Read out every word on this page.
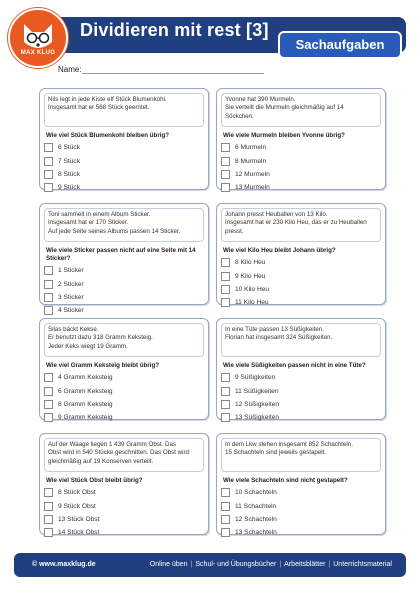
MAX KLUG
Dividieren mit rest [3]
Sachaufgaben
Name:
Nils legt in jede Kiste elf Stück Blumenkohl.
Insgesamt hat er 568 Stück geerntet.
Wie viel Stück Blumenkohl bleiben übrig?
6 Stück
7 Stück
8 Stück
9 Stück
Yvonne hat 390 Murmeln.
Sie verteilt die Murmeln gleichmäßig auf 14
Söckchen.
Wie viele Murmeln bleiben Yvonne übrig?
6 Murmeln
8 Murmeln
12 Murmeln
13 Murmeln
Toni sammelt in einem Album Sticker.
Insgesamt hat er 170 Sticker.
Auf jede Seite seines Albums passen 14 Sticker.
Wie viele Sticker passen nicht auf eine Seite mit 14 Sticker?
1 Sticker
2 Sticker
3 Sticker
4 Sticker
Johann presst Heuballen von 13 Kilo.
Insgesamt hat er 230 Kilo Heu, das er zu Heuballen
presst.
Wie viel Kilo Heu bleibt Johann übrig?
8 Kilo Heu
9 Kilo Heu
10 Kilo Heu
11 Kilo Heu
Silas bäckt Kekse.
Er benutzt dazu 318 Gramm Keksteig.
Jeder Keks wiegt 19 Gramm.
Wie viel Gramm Keksteig bleibt übrig?
4 Gramm Keksteig
6 Gramm Keksteig
8 Gramm Keksteig
9 Gramm Keksteig
In eine Tüte passen 13 Süßigkeiten.
Florian hat insgesamt 324 Süßigkeiten.
Wie viele Süßigkeiten passen nicht in eine Tüte?
9 Süßigkeiten
11 Süßigkeiten
12 Süßigkeiten
13 Süßigkeiten
Auf der Waage liegen 1 439 Gramm Obst. Das
Obst wird in 540 Stücke geschnitten. Das Obst wird
gleichmäßig auf 19 Konserven verteilt.
Wie viel Stück Obst bleibt übrig?
8 Stück Obst
9 Stück Obst
13 Stück Obst
14 Stück Obst
In dem Lkw stehen insgesamt 852 Schachteln.
15 Schachteln sind jeweils gestapelt.
Wie viele Schachteln sind nicht gestapelt?
10 Schachteln
11 Schachteln
12 Schachteln
13 Schachteln
© www.maxklug.de	Online üben | Schul- und Übungsbücher | Arbeitsblätter | Unterrichtsmaterial
